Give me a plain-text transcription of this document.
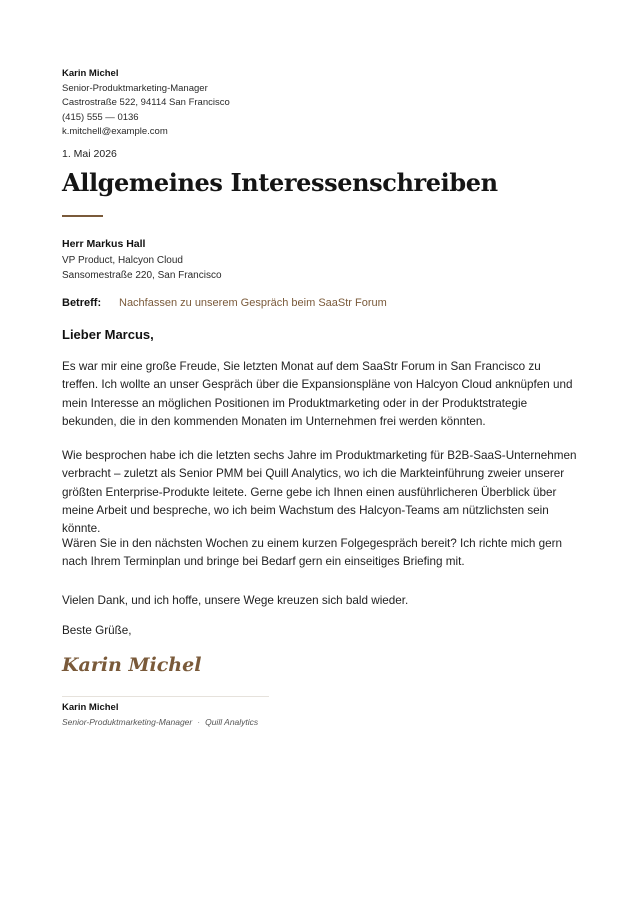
Karin Michel
Senior-Produktmarketing-Manager
Castrostraße 522, 94114 San Francisco
(415) 555 — 0136
k.mitchell@example.com
1. Mai 2026
Allgemeines Interessenschreiben
Herr Markus Hall
VP Product, Halcyon Cloud
Sansomestraße 220, San Francisco
Betreff: Nachfassen zu unserem Gespräch beim SaaStr Forum
Lieber Marcus,

Es war mir eine große Freude, Sie letzten Monat auf dem SaaStr Forum in San Francisco zu treffen. Ich wollte an unser Gespräch über die Expansionspläne von Halcyon Cloud anknüpfen und mein Interesse an möglichen Positionen im Produktmarketing oder in der Produktstrategie bekunden, die in den kommenden Monaten im Unternehmen frei werden könnten.

Wie besprochen habe ich die letzten sechs Jahre im Produktmarketing für B2B-SaaS-Unternehmen verbracht – zuletzt als Senior PMM bei Quill Analytics, wo ich die Markteinführung zweier unserer größten Enterprise-Produkte leitete. Gerne gebe ich Ihnen einen ausführlicheren Überblick über meine Arbeit und bespreche, wo ich beim Wachstum des Halcyon-Teams am nützlichsten sein könnte.

Wären Sie in den nächsten Wochen zu einem kurzen Folgegespräch bereit? Ich richte mich gern nach Ihrem Terminplan und bringe bei Bedarf gern ein einseitiges Briefing mit.

Vielen Dank, und ich hoffe, unsere Wege kreuzen sich bald wieder.

Beste Grüße,
Karin Michel
Karin Michel
Senior-Produktmarketing-Manager · Quill Analytics
